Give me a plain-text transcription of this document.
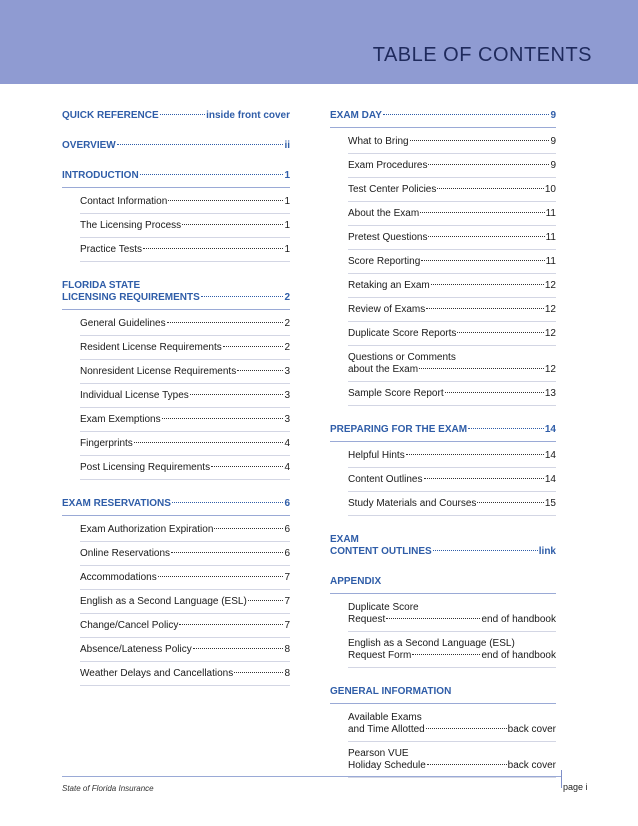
TABLE OF CONTENTS
QUICK REFERENCE	inside front cover
OVERVIEW	ii
INTRODUCTION	1
Contact Information	1
The Licensing Process	1
Practice Tests	1
FLORIDA STATE
LICENSING REQUIREMENTS	2
General Guidelines	2
Resident License Requirements	2
Nonresident License Requirements	3
Individual License Types	3
Exam Exemptions	3
Fingerprints	4
Post Licensing Requirements	4
EXAM RESERVATIONS	6
Exam Authorization Expiration	6
Online Reservations	6
Accommodations	7
English as a Second Language (ESL)	7
Change/Cancel Policy	7
Absence/Lateness Policy	8
Weather Delays and Cancellations	8
EXAM DAY	9
What to Bring	9
Exam Procedures	9
Test Center Policies	10
About the Exam	11
Pretest Questions	11
Score Reporting	11
Retaking an Exam	12
Review of Exams	12
Duplicate Score Reports	12
Questions or Comments
about the Exam	12
Sample Score Report	13
PREPARING FOR THE EXAM	14
Helpful Hints	14
Content Outlines	14
Study Materials and Courses	15
EXAM
CONTENT OUTLINES	link
APPENDIX
Duplicate Score
Request	end of handbook
English as a Second Language (ESL)
Request Form	end of handbook
GENERAL INFORMATION
Available Exams
and Time Allotted	back cover
Pearson VUE
Holiday Schedule	back cover
State of Florida Insurance	page i
